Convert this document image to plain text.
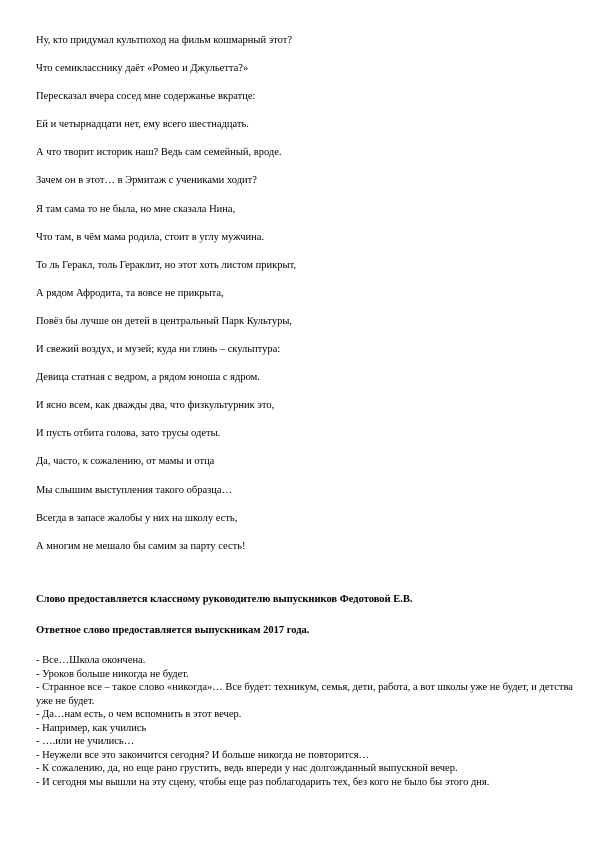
Ну, кто придумал культпоход на фильм кошмарный этот?

Что семикласснику даёт «Ромео и Джульетта?»

Пересказал вчера сосед мне содержанье вкратце:

Ей и четырнадцати нет, ему всего шестнадцать.

А что творит историк наш? Ведь сам семейный, вроде.

Зачем он в этот… в Эрмитаж с учениками ходит?

Я там сама то не была, но мне сказала Нина,

Что там, в чём мама родила, стоит в углу мужчина.

То ль Геракл, толь Гераклит, но этот хоть листом прикрыт,

А рядом Афродита, та вовсе не прикрыта,

Повёз бы лучше он детей в центральный Парк Культуры,

И свежий воздух, и музей; куда ни глянь – скульптура:

Девица статная с ведром, а рядом юноша с ядром.

И ясно всем, как дважды два, что физкультурник это,

И пусть отбита голова, зато трусы одеты.

Да, часто, к сожалению, от мамы и отца

Мы слышим выступления такого образца…

Всегда в запасе жалобы у них на школу есть,

А многим не мешало бы самим за парту сесть!

Слово предоставляется классному руководителю выпускников Федотовой Е.В.

Ответное слово предоставляется выпускникам 2017 года.

- Все…Школа окончена.
- Уроков больше никогда не будет.
- Странное все – такое слово «никогда»… Все будет: техникум, семья, дети, работа, а вот школы уже не будет, и детства уже не будет.
- Да…нам есть, о чем вспомнить в этот вечер.
- Например, как учились
- ….или не учились…
- Неужели все это закончится сегодня? И больше никогда не повторится…
- К сожалению, да, но еще рано грустить, ведь впереди у нас долгожданный выпускной вечер.
- И сегодня мы вышли на эту сцену, чтобы еще раз поблагодарить тех, без кого не было бы этого дня.
